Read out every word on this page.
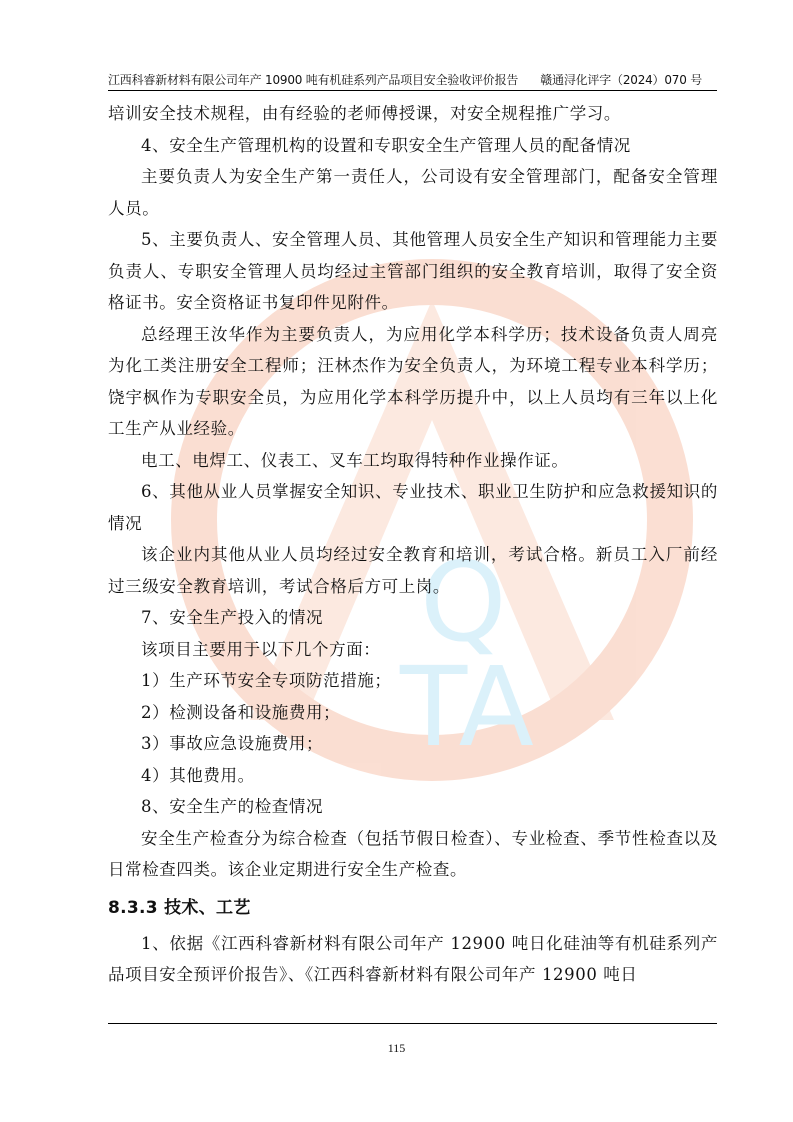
Q
TA
江西科睿新材料有限公司年产 10900 吨有机硅系列产品项目安全验收评价报告 赣通浔化评字（2024）070 号

培训安全技术规程，由有经验的老师傅授课，对安全规程推广学习。

4、安全生产管理机构的设置和专职安全生产管理人员的配备情况

主要负责人为安全生产第一责任人，公司设有安全管理部门，配备安全管理人员。

5、主要负责人、安全管理人员、其他管理人员安全生产知识和管理能力主要负责人、专职安全管理人员均经过主管部门组织的安全教育培训，取得了安全资格证书。安全资格证书复印件见附件。

总经理王汝华作为主要负责人，为应用化学本科学历；技术设备负责人周亮为化工类注册安全工程师；汪林杰作为安全负责人，为环境工程专业本科学历；饶宇枫作为专职安全员，为应用化学本科学历提升中，以上人员均有三年以上化工生产从业经验。

电工、电焊工、仪表工、叉车工均取得特种作业操作证。

6、其他从业人员掌握安全知识、专业技术、职业卫生防护和应急救援知识的情况

该企业内其他从业人员均经过安全教育和培训，考试合格。新员工入厂前经过三级安全教育培训，考试合格后方可上岗。

7、安全生产投入的情况

该项目主要用于以下几个方面：

1）生产环节安全专项防范措施；

2）检测设备和设施费用；

3）事故应急设施费用；

4）其他费用。

8、安全生产的检查情况

安全生产检查分为综合检查（包括节假日检查）、专业检查、季节性检查以及日常检查四类。该企业定期进行安全生产检查。

8.3.3 技术、工艺

1、依据《江西科睿新材料有限公司年产 12900 吨日化硅油等有机硅系列产品项目安全预评价报告》、《江西科睿新材料有限公司年产 12900 吨日

115
